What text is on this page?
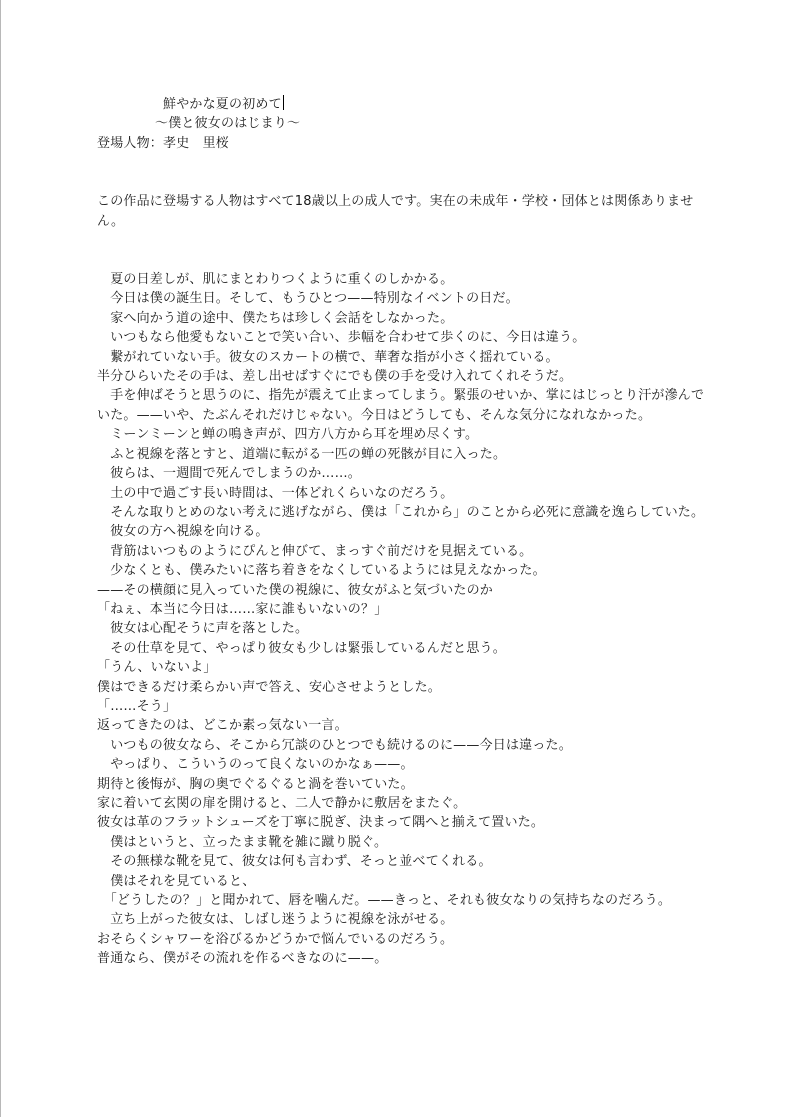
鮮やかな夏の初めて
〜僕と彼女のはじまり〜
登場人物：孝史　里桜
この作品に登場する人物はすべて18歳以上の成人です。実在の未成年・学校・団体とは関係ありません。
　夏の日差しが、肌にまとわりつくように重くのしかかる。
　今日は僕の誕生日。そして、もうひとつ——特別なイベントの日だ。
　家へ向かう道の途中、僕たちは珍しく会話をしなかった。
　いつもなら他愛もないことで笑い合い、歩幅を合わせて歩くのに、今日は違う。
　繋がれていない手。彼女のスカートの横で、華奢な指が小さく揺れている。
半分ひらいたその手は、差し出せばすぐにでも僕の手を受け入れてくれそうだ。
　手を伸ばそうと思うのに、指先が震えて止まってしまう。緊張のせいか、掌にはじっとり汗が滲んでいた。——いや、たぶんそれだけじゃない。今日はどうしても、そんな気分になれなかった。
　ミーンミーンと蝉の鳴き声が、四方八方から耳を埋め尽くす。
　ふと視線を落とすと、道端に転がる一匹の蝉の死骸が目に入った。
　彼らは、一週間で死んでしまうのか……。
　土の中で過ごす長い時間は、一体どれくらいなのだろう。
　そんな取りとめのない考えに逃げながら、僕は「これから」のことから必死に意識を逸らしていた。
　彼女の方へ視線を向ける。
　背筋はいつものようにぴんと伸びて、まっすぐ前だけを見据えている。
　少なくとも、僕みたいに落ち着きをなくしているようには見えなかった。
——その横顔に見入っていた僕の視線に、彼女がふと気づいたのか
「ねぇ、本当に今日は……家に誰もいないの？」
　彼女は心配そうに声を落とした。
　その仕草を見て、やっぱり彼女も少しは緊張しているんだと思う。
「うん、いないよ」
僕はできるだけ柔らかい声で答え、安心させようとした。
「……そう」
返ってきたのは、どこか素っ気ない一言。
　いつもの彼女なら、そこから冗談のひとつでも続けるのに——今日は違った。
　やっぱり、こういうのって良くないのかなぁ——。
期待と後悔が、胸の奥でぐるぐると渦を巻いていた。
家に着いて玄関の扉を開けると、二人で静かに敷居をまたぐ。
彼女は革のフラットシューズを丁寧に脱ぎ、決まって隅へと揃えて置いた。
　僕はというと、立ったまま靴を雑に蹴り脱ぐ。
　その無様な靴を見て、彼女は何も言わず、そっと並べてくれる。
　僕はそれを見ていると、
　「どうしたの？」と聞かれて、唇を噛んだ。——きっと、それも彼女なりの気持ちなのだろう。
　立ち上がった彼女は、しばし迷うように視線を泳がせる。
おそらくシャワーを浴びるかどうかで悩んでいるのだろう。
普通なら、僕がその流れを作るべきなのに——。
